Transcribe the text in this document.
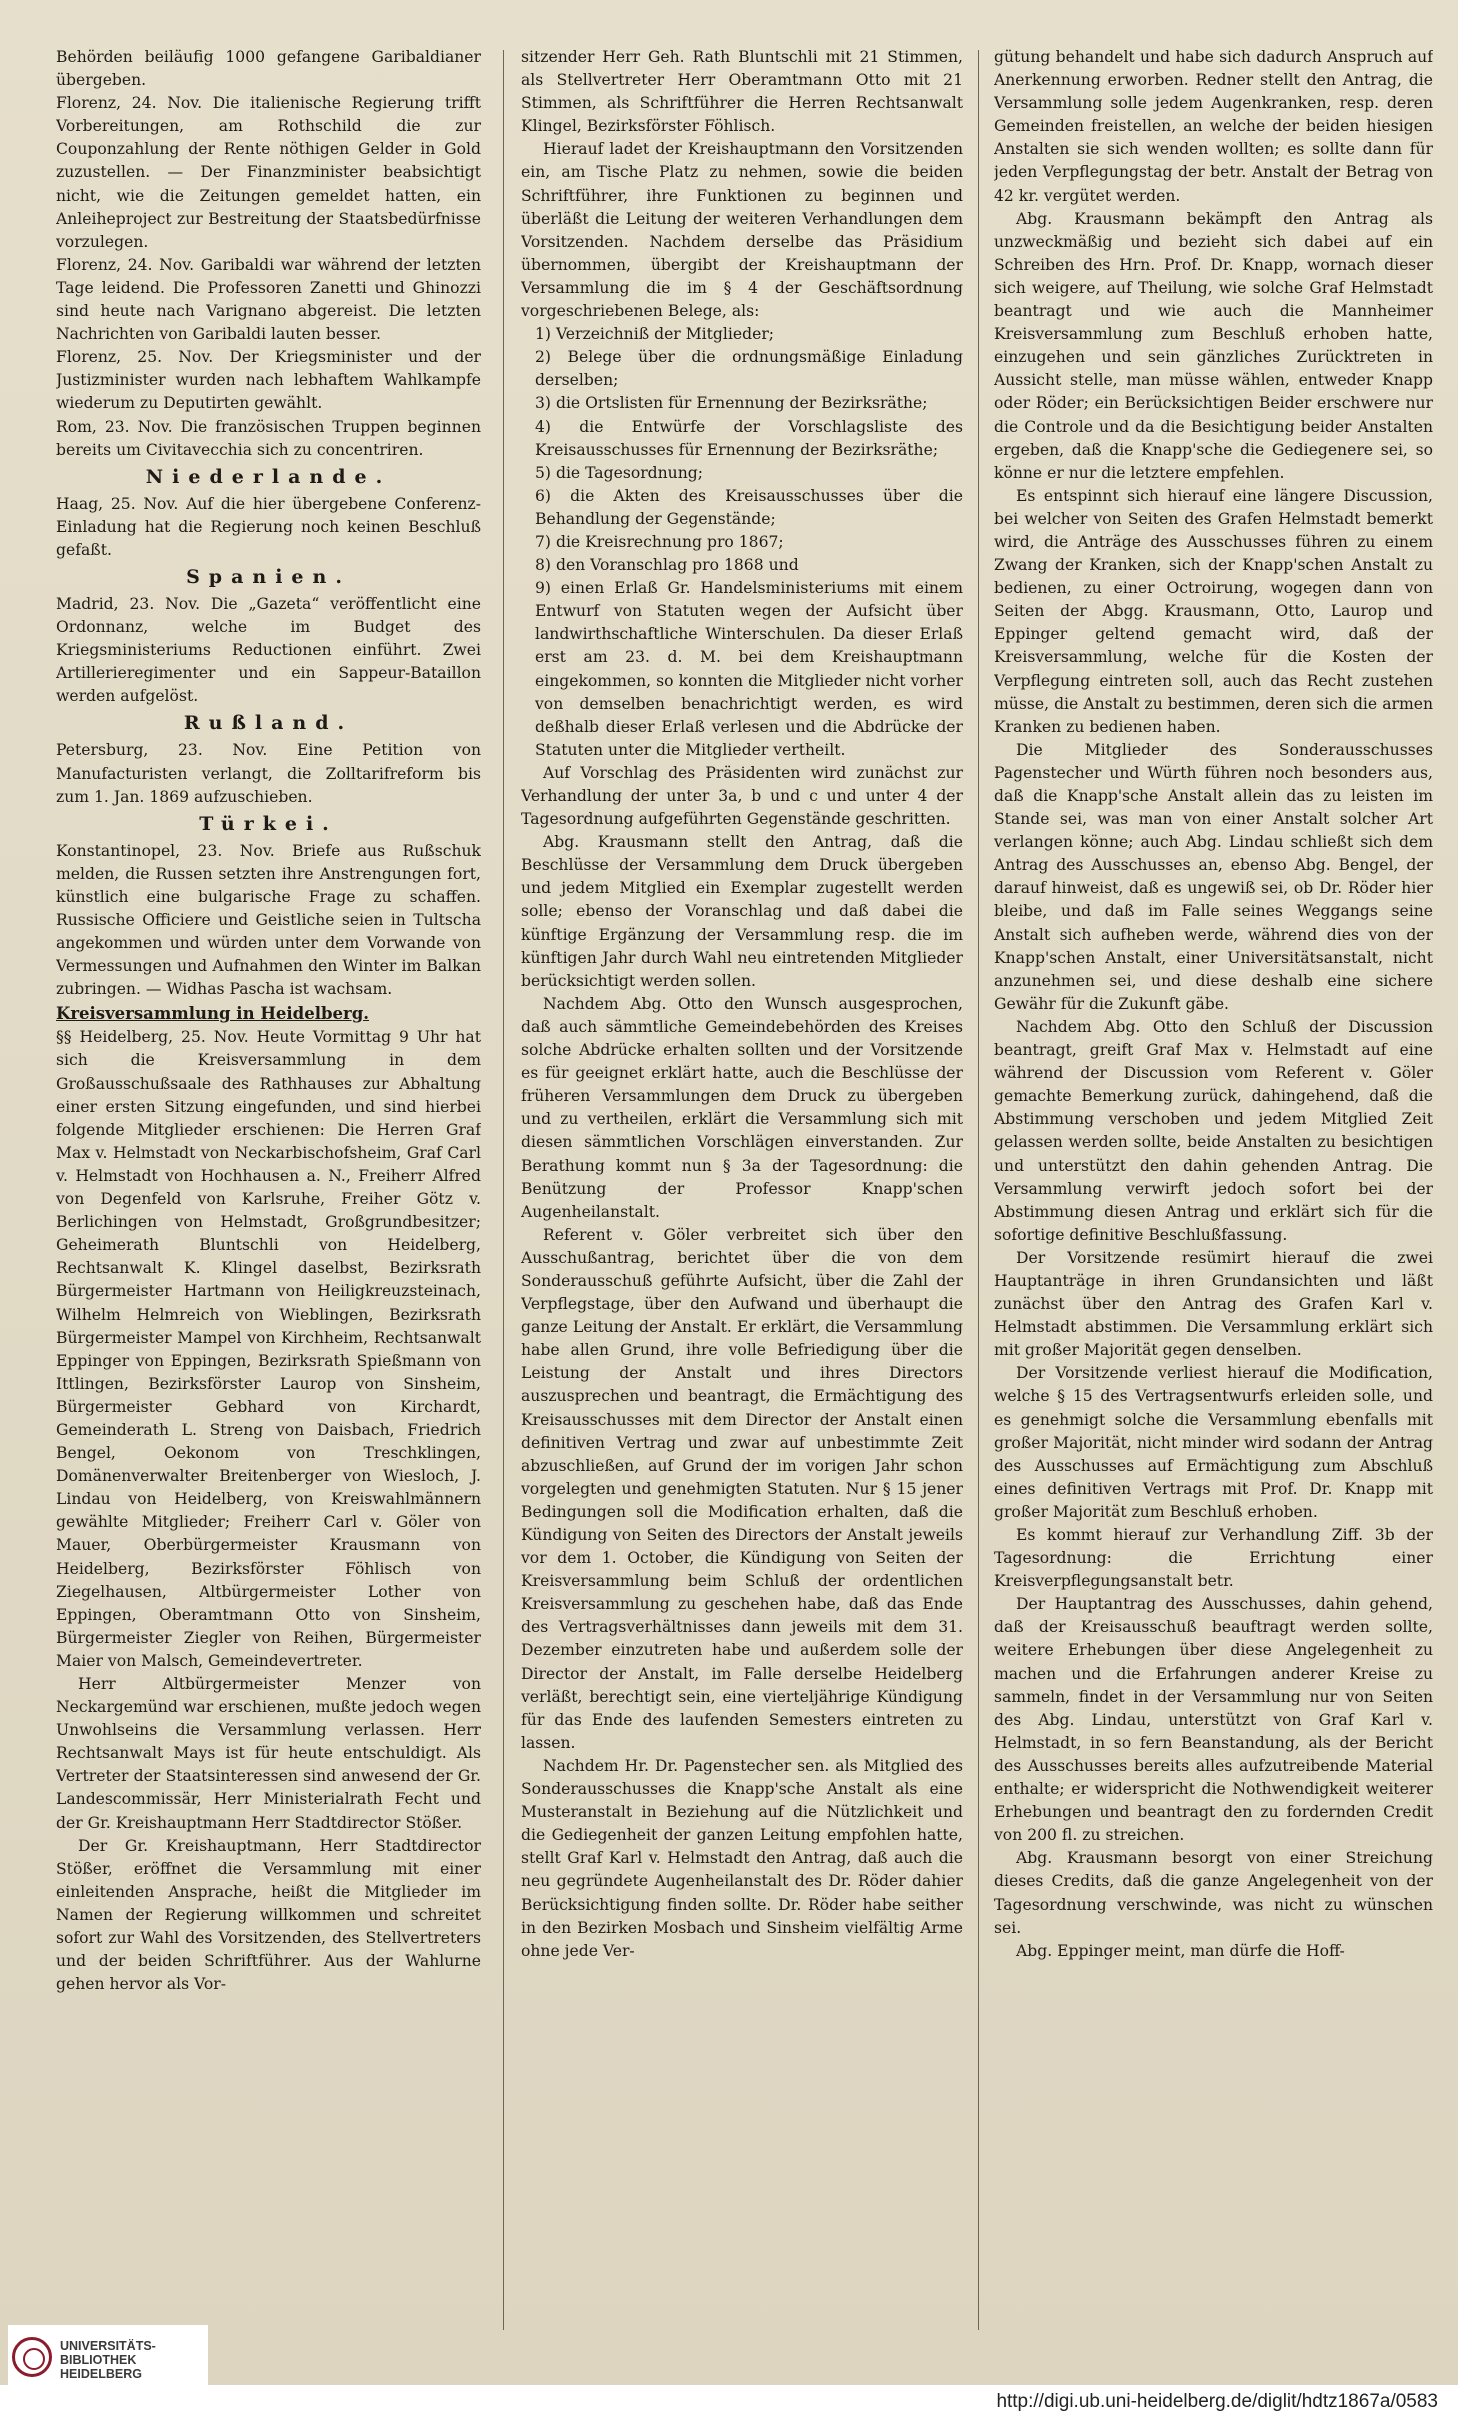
Behörden beiläufig 1000 gefangene Garibaldianer übergeben.

Florenz, 24. Nov. Die italienische Regierung trifft Vorbereitungen, am Rothschild die zur Couponzahlung der Rente nöthigen Gelder in Gold zuzustellen. — Der Finanzminister beabsichtigt nicht, wie die Zeitungen gemeldet hatten, ein Anleiheproject zur Bestreitung der Staatsbedürfnisse vorzulegen.

Florenz, 24. Nov. Garibaldi war während der letzten Tage leidend. Die Professoren Zanetti und Ghinozzi sind heute nach Varignano abgereist. Die letzten Nachrichten von Garibaldi lauten besser.

Florenz, 25. Nov. Der Kriegsminister und der Justizminister wurden nach lebhaftem Wahlkampfe wiederum zu Deputirten gewählt.

Rom, 23. Nov. Die französischen Truppen beginnen bereits um Civitavecchia sich zu concentriren.

Niederlande.

Haag, 25. Nov. Auf die hier übergebene Conferenz-Einladung hat die Regierung noch keinen Beschluß gefaßt.

Spanien.

Madrid, 23. Nov. Die „Gazeta“ veröffentlicht eine Ordonnanz, welche im Budget des Kriegsministeriums Reductionen einführt. Zwei Artillerieregimenter und ein Sappeur-Bataillon werden aufgelöst.

Rußland.

Petersburg, 23. Nov. Eine Petition von Manufacturisten verlangt, die Zolltarifreform bis zum 1. Jan. 1869 aufzuschieben.

Türkei.

Konstantinopel, 23. Nov. Briefe aus Rußschuk melden, die Russen setzten ihre Anstrengungen fort, künstlich eine bulgarische Frage zu schaffen. Russische Officiere und Geistliche seien in Tultscha angekommen und würden unter dem Vorwande von Vermessungen und Aufnahmen den Winter im Balkan zubringen. — Widhas Pascha ist wachsam.

Kreisversammlung in Heidelberg.

§§ Heidelberg, 25. Nov. Heute Vormittag 9 Uhr hat sich die Kreisversammlung in dem Großausschußsaale des Rathhauses zur Abhaltung einer ersten Sitzung eingefunden, und sind hierbei folgende Mitglieder erschienen: Die Herren Graf Max v. Helmstadt von Neckarbischofsheim, Graf Carl v. Helmstadt von Hochhausen a. N., Freiherr Alfred von Degenfeld von Karlsruhe, Freiher Götz v. Berlichingen von Helmstadt, Großgrundbesitzer; Geheimerath Bluntschli von Heidelberg, Rechtsanwalt K. Klingel daselbst, Bezirksrath Bürgermeister Hartmann von Heiligkreuzsteinach, Wilhelm Helmreich von Wieblingen, Bezirksrath Bürgermeister Mampel von Kirchheim, Rechtsanwalt Eppinger von Eppingen, Bezirksrath Spießmann von Ittlingen, Bezirksförster Laurop von Sinsheim, Bürgermeister Gebhard von Kirchardt, Gemeinderath L. Streng von Daisbach, Friedrich Bengel, Oekonom von Treschklingen, Domänenverwalter Breitenberger von Wiesloch, J. Lindau von Heidelberg, von Kreiswahlmännern gewählte Mitglieder; Freiherr Carl v. Göler von Mauer, Oberbürgermeister Krausmann von Heidelberg, Bezirksförster Föhlisch von Ziegelhausen, Altbürgermeister Lother von Eppingen, Oberamtmann Otto von Sinsheim, Bürgermeister Ziegler von Reihen, Bürgermeister Maier von Malsch, Gemeindevertreter.

Herr Altbürgermeister Menzer von Neckargemünd war erschienen, mußte jedoch wegen Unwohlseins die Versammlung verlassen. Herr Rechtsanwalt Mays ist für heute entschuldigt. Als Vertreter der Staatsinteressen sind anwesend der Gr. Landescommissär, Herr Ministerialrath Fecht und der Gr. Kreishauptmann Herr Stadtdirector Stößer.

Der Gr. Kreishauptmann, Herr Stadtdirector Stößer, eröffnet die Versammlung mit einer einleitenden Ansprache, heißt die Mitglieder im Namen der Regierung willkommen und schreitet sofort zur Wahl des Vorsitzenden, des Stellvertreters und der beiden Schriftführer. Aus der Wahlurne gehen hervor als Vor-

sitzender Herr Geh. Rath Bluntschli mit 21 Stimmen, als Stellvertreter Herr Oberamtmann Otto mit 21 Stimmen, als Schriftführer die Herren Rechtsanwalt Klingel, Bezirksförster Föhlisch.

Hierauf ladet der Kreishauptmann den Vorsitzenden ein, am Tische Platz zu nehmen, sowie die beiden Schriftführer, ihre Funktionen zu beginnen und überläßt die Leitung der weiteren Verhandlungen dem Vorsitzenden. Nachdem derselbe das Präsidium übernommen, übergibt der Kreishauptmann der Versammlung die im § 4 der Geschäftsordnung vorgeschriebenen Belege, als:

1) Verzeichniß der Mitglieder;

2) Belege über die ordnungsmäßige Einladung derselben;

3) die Ortslisten für Ernennung der Bezirksräthe;

4) die Entwürfe der Vorschlagsliste des Kreisausschusses für Ernennung der Bezirksräthe;

5) die Tagesordnung;

6) die Akten des Kreisausschusses über die Behandlung der Gegenstände;

7) die Kreisrechnung pro 1867;

8) den Voranschlag pro 1868 und

9) einen Erlaß Gr. Handelsministeriums mit einem Entwurf von Statuten wegen der Aufsicht über landwirthschaftliche Winterschulen. Da dieser Erlaß erst am 23. d. M. bei dem Kreishauptmann eingekommen, so konnten die Mitglieder nicht vorher von demselben benachrichtigt werden, es wird deßhalb dieser Erlaß verlesen und die Abdrücke der Statuten unter die Mitglieder vertheilt.

Auf Vorschlag des Präsidenten wird zunächst zur Verhandlung der unter 3a, b und c und unter 4 der Tagesordnung aufgeführten Gegenstände geschritten.

Abg. Krausmann stellt den Antrag, daß die Beschlüsse der Versammlung dem Druck übergeben und jedem Mitglied ein Exemplar zugestellt werden solle; ebenso der Voranschlag und daß dabei die künftige Ergänzung der Versammlung resp. die im künftigen Jahr durch Wahl neu eintretenden Mitglieder berücksichtigt werden sollen.

Nachdem Abg. Otto den Wunsch ausgesprochen, daß auch sämmtliche Gemeindebehörden des Kreises solche Abdrücke erhalten sollten und der Vorsitzende es für geeignet erklärt hatte, auch die Beschlüsse der früheren Versammlungen dem Druck zu übergeben und zu vertheilen, erklärt die Versammlung sich mit diesen sämmtlichen Vorschlägen einverstanden. Zur Berathung kommt nun § 3a der Tagesordnung: die Benützung der Professor Knapp'schen Augenheilanstalt.

Referent v. Göler verbreitet sich über den Ausschußantrag, berichtet über die von dem Sonderausschuß geführte Aufsicht, über die Zahl der Verpflegstage, über den Aufwand und überhaupt die ganze Leitung der Anstalt. Er erklärt, die Versammlung habe allen Grund, ihre volle Befriedigung über die Leistung der Anstalt und ihres Directors auszusprechen und beantragt, die Ermächtigung des Kreisausschusses mit dem Director der Anstalt einen definitiven Vertrag und zwar auf unbestimmte Zeit abzuschließen, auf Grund der im vorigen Jahr schon vorgelegten und genehmigten Statuten. Nur § 15 jener Bedingungen soll die Modification erhalten, daß die Kündigung von Seiten des Directors der Anstalt jeweils vor dem 1. October, die Kündigung von Seiten der Kreisversammlung beim Schluß der ordentlichen Kreisversammlung zu geschehen habe, daß das Ende des Vertragsverhältnisses dann jeweils mit dem 31. Dezember einzutreten habe und außerdem solle der Director der Anstalt, im Falle derselbe Heidelberg verläßt, berechtigt sein, eine vierteljährige Kündigung für das Ende des laufenden Semesters eintreten zu lassen.

Nachdem Hr. Dr. Pagenstecher sen. als Mitglied des Sonderausschusses die Knapp'sche Anstalt als eine Musteranstalt in Beziehung auf die Nützlichkeit und die Gediegenheit der ganzen Leitung empfohlen hatte, stellt Graf Karl v. Helmstadt den Antrag, daß auch die neu gegründete Augenheilanstalt des Dr. Röder dahier Berücksichtigung finden sollte. Dr. Röder habe seither in den Bezirken Mosbach und Sinsheim vielfältig Arme ohne jede Ver-

gütung behandelt und habe sich dadurch Anspruch auf Anerkennung erworben. Redner stellt den Antrag, die Versammlung solle jedem Augenkranken, resp. deren Gemeinden freistellen, an welche der beiden hiesigen Anstalten sie sich wenden wollten; es sollte dann für jeden Verpflegungstag der betr. Anstalt der Betrag von 42 kr. vergütet werden.

Abg. Krausmann bekämpft den Antrag als unzweckmäßig und bezieht sich dabei auf ein Schreiben des Hrn. Prof. Dr. Knapp, wornach dieser sich weigere, auf Theilung, wie solche Graf Helmstadt beantragt und wie auch die Mannheimer Kreisversammlung zum Beschluß erhoben hatte, einzugehen und sein gänzliches Zurücktreten in Aussicht stelle, man müsse wählen, entweder Knapp oder Röder; ein Berücksichtigen Beider erschwere nur die Controle und da die Besichtigung beider Anstalten ergeben, daß die Knapp'sche die Gediegenere sei, so könne er nur die letztere empfehlen.

Es entspinnt sich hierauf eine längere Discussion, bei welcher von Seiten des Grafen Helmstadt bemerkt wird, die Anträge des Ausschusses führen zu einem Zwang der Kranken, sich der Knapp'schen Anstalt zu bedienen, zu einer Octroirung, wogegen dann von Seiten der Abgg. Krausmann, Otto, Laurop und Eppinger geltend gemacht wird, daß der Kreisversammlung, welche für die Kosten der Verpflegung eintreten soll, auch das Recht zustehen müsse, die Anstalt zu bestimmen, deren sich die armen Kranken zu bedienen haben.

Die Mitglieder des Sonderausschusses Pagenstecher und Würth führen noch besonders aus, daß die Knapp'sche Anstalt allein das zu leisten im Stande sei, was man von einer Anstalt solcher Art verlangen könne; auch Abg. Lindau schließt sich dem Antrag des Ausschusses an, ebenso Abg. Bengel, der darauf hinweist, daß es ungewiß sei, ob Dr. Röder hier bleibe, und daß im Falle seines Weggangs seine Anstalt sich aufheben werde, während dies von der Knapp'schen Anstalt, einer Universitätsanstalt, nicht anzunehmen sei, und diese deshalb eine sichere Gewähr für die Zukunft gäbe.

Nachdem Abg. Otto den Schluß der Discussion beantragt, greift Graf Max v. Helmstadt auf eine während der Discussion vom Referent v. Göler gemachte Bemerkung zurück, dahingehend, daß die Abstimmung verschoben und jedem Mitglied Zeit gelassen werden sollte, beide Anstalten zu besichtigen und unterstützt den dahin gehenden Antrag. Die Versammlung verwirft jedoch sofort bei der Abstimmung diesen Antrag und erklärt sich für die sofortige definitive Beschlußfassung.

Der Vorsitzende resümirt hierauf die zwei Hauptanträge in ihren Grundansichten und läßt zunächst über den Antrag des Grafen Karl v. Helmstadt abstimmen. Die Versammlung erklärt sich mit großer Majorität gegen denselben.

Der Vorsitzende verliest hierauf die Modification, welche § 15 des Vertragsentwurfs erleiden solle, und es genehmigt solche die Versammlung ebenfalls mit großer Majorität, nicht minder wird sodann der Antrag des Ausschusses auf Ermächtigung zum Abschluß eines definitiven Vertrags mit Prof. Dr. Knapp mit großer Majorität zum Beschluß erhoben.

Es kommt hierauf zur Verhandlung Ziff. 3b der Tagesordnung: die Errichtung einer Kreisverpflegungsanstalt betr.

Der Hauptantrag des Ausschusses, dahin gehend, daß der Kreisausschuß beauftragt werden sollte, weitere Erhebungen über diese Angelegenheit zu machen und die Erfahrungen anderer Kreise zu sammeln, findet in der Versammlung nur von Seiten des Abg. Lindau, unterstützt von Graf Karl v. Helmstadt, in so fern Beanstandung, als der Bericht des Ausschusses bereits alles aufzutreibende Material enthalte; er widerspricht die Nothwendigkeit weiterer Erhebungen und beantragt den zu fordernden Credit von 200 fl. zu streichen.

Abg. Krausmann besorgt von einer Streichung dieses Credits, daß die ganze Angelegenheit von der Tagesordnung verschwinde, was nicht zu wünschen sei.

Abg. Eppinger meint, man dürfe die Hoff-

UNIVERSITÄTS-
BIBLIOTHEK
HEIDELBERG
http://digi.ub.uni-heidelberg.de/diglit/hdtz1867a/0583
